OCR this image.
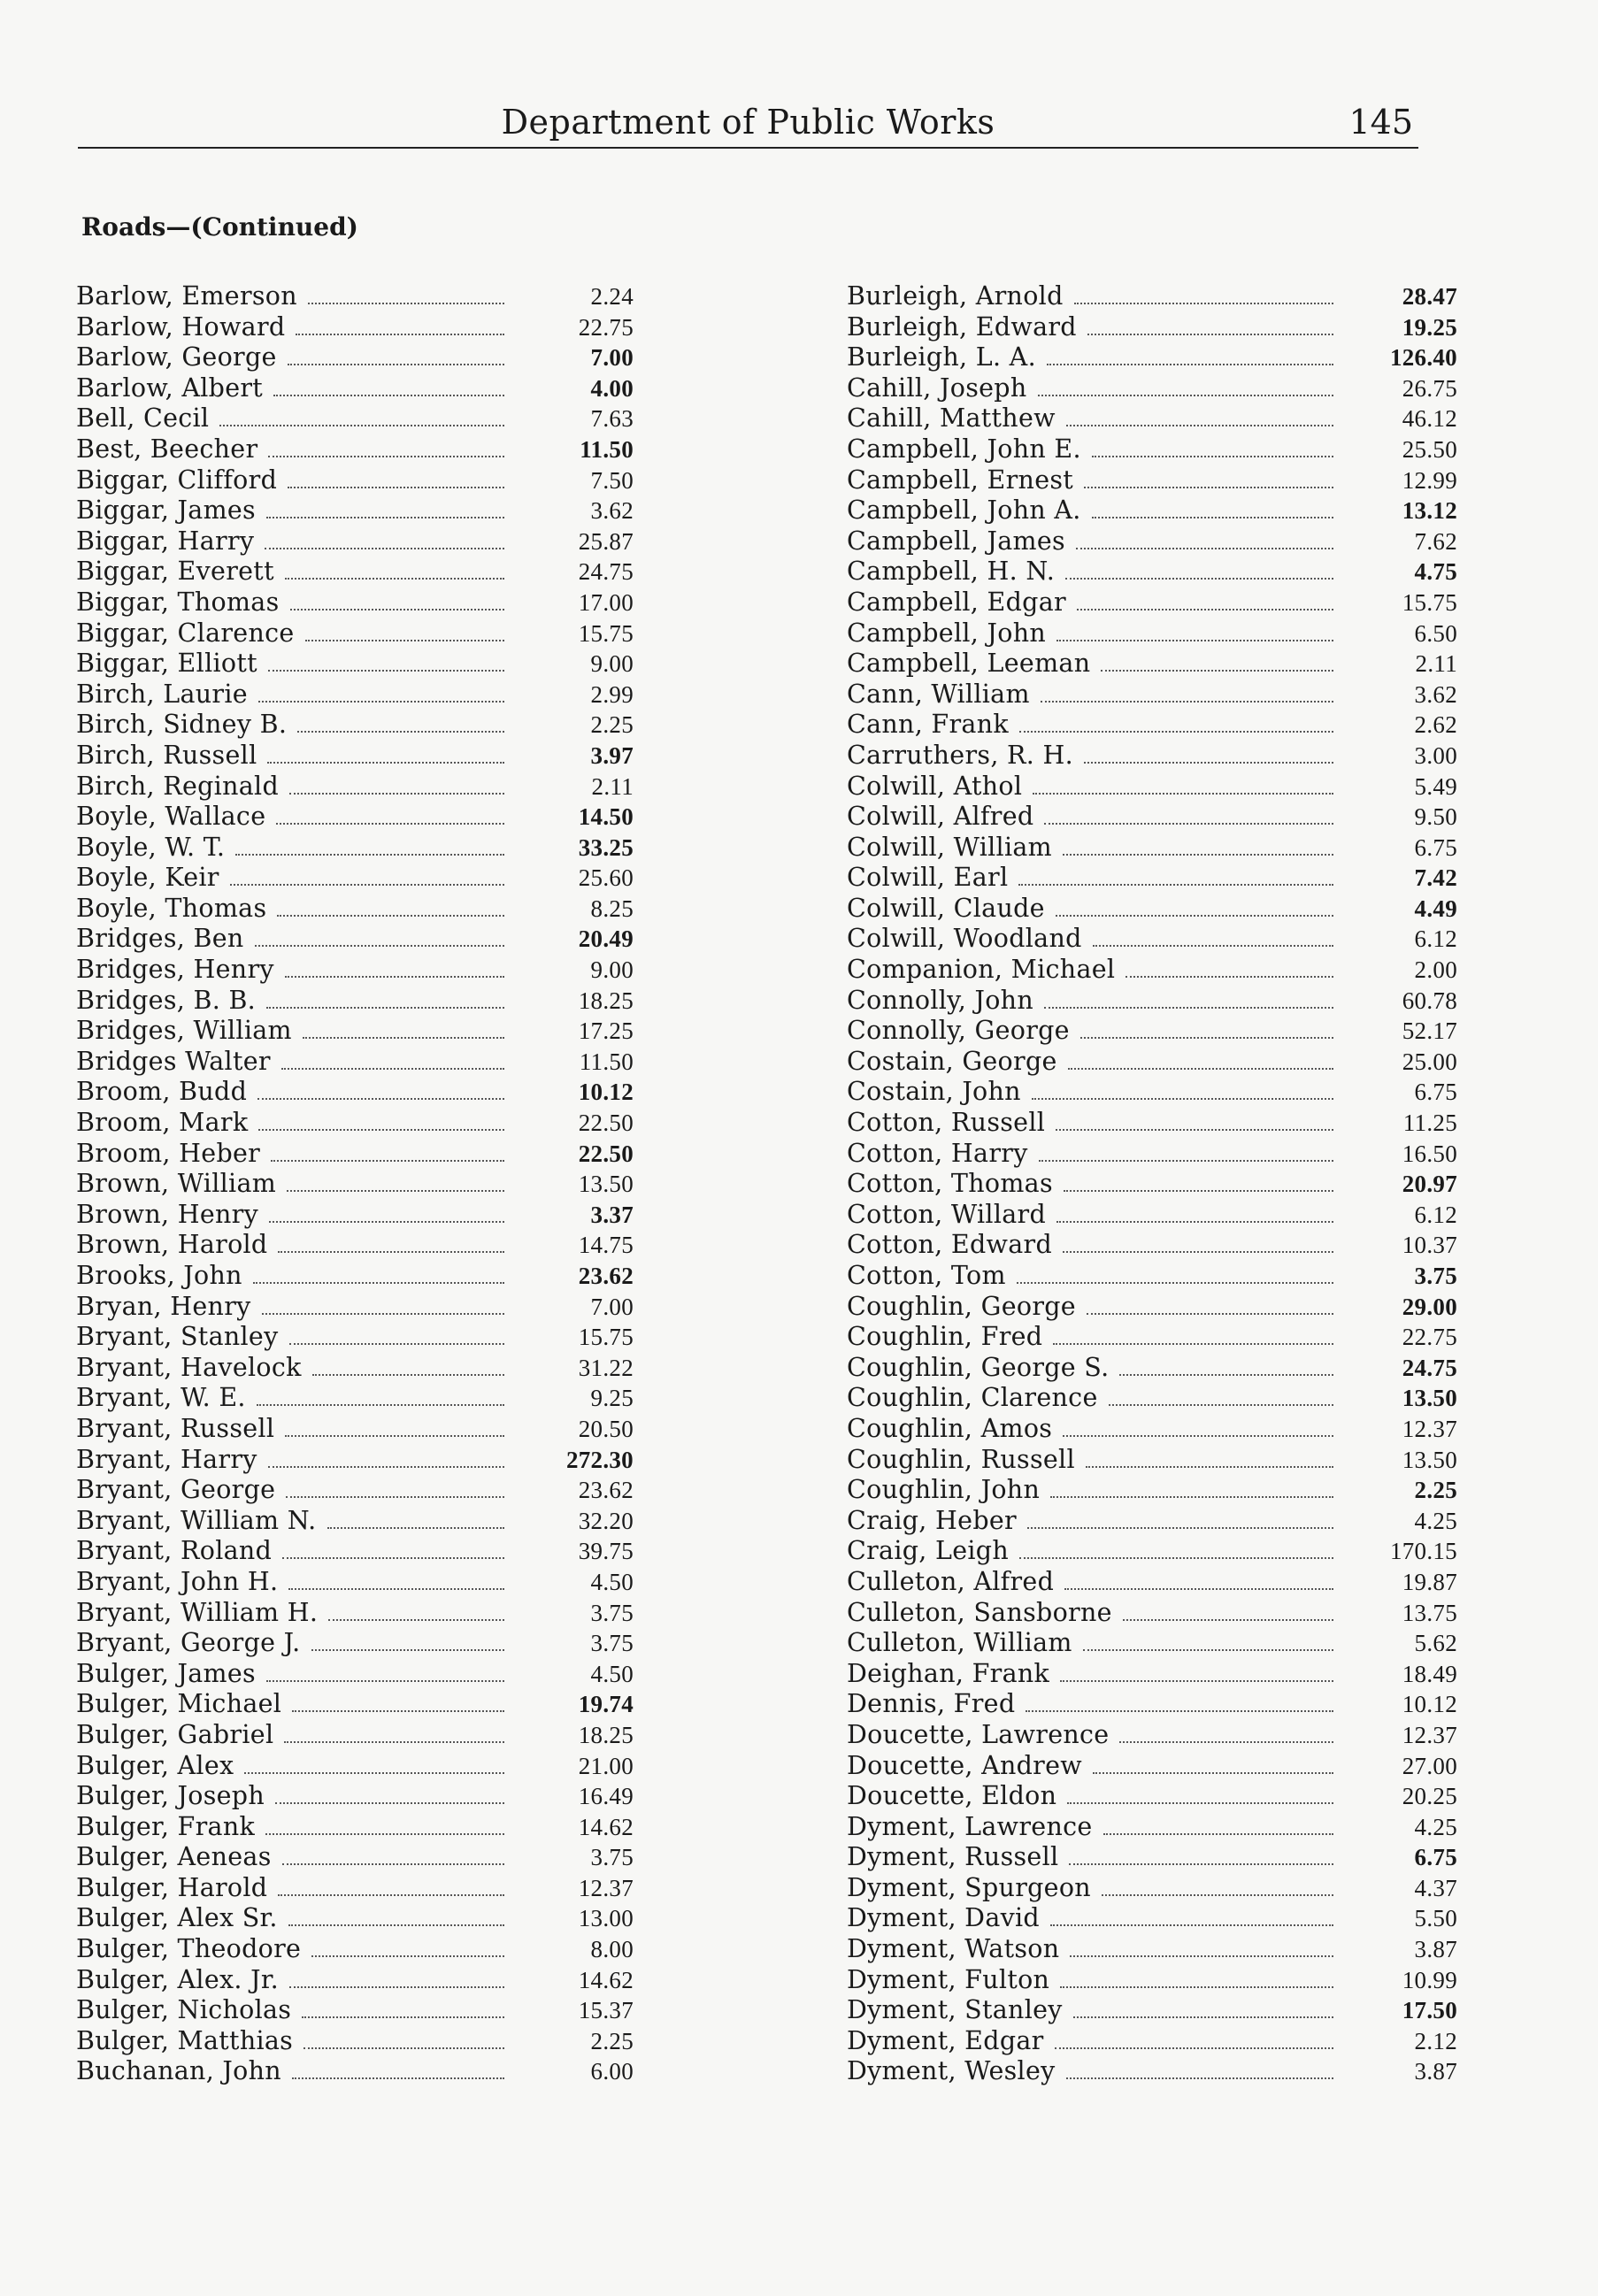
Department of Public Works	145
Roads—(Continued)
Barlow, Emerson	2.24
Barlow, Howard	22.75
Barlow, George	7.00
Barlow, Albert	4.00
Bell, Cecil	7.63
Best, Beecher	11.50
Biggar, Clifford	7.50
Biggar, James	3.62
Biggar, Harry	25.87
Biggar, Everett	24.75
Biggar, Thomas	17.00
Biggar, Clarence	15.75
Biggar, Elliott	9.00
Birch, Laurie	2.99
Birch, Sidney B.	2.25
Birch, Russell	3.97
Birch, Reginald	2.11
Boyle, Wallace	14.50
Boyle, W. T.	33.25
Boyle, Keir	25.60
Boyle, Thomas	8.25
Bridges, Ben	20.49
Bridges, Henry	9.00
Bridges, B. B.	18.25
Bridges, William	17.25
Bridges Walter	11.50
Broom, Budd	10.12
Broom, Mark	22.50
Broom, Heber	22.50
Brown, William	13.50
Brown, Henry	3.37
Brown, Harold	14.75
Brooks, John	23.62
Bryan, Henry	7.00
Bryant, Stanley	15.75
Bryant, Havelock	31.22
Bryant, W. E.	9.25
Bryant, Russell	20.50
Bryant, Harry	272.30
Bryant, George	23.62
Bryant, William N.	32.20
Bryant, Roland	39.75
Bryant, John H.	4.50
Bryant, William H.	3.75
Bryant, George J.	3.75
Bulger, James	4.50
Bulger, Michael	19.74
Bulger, Gabriel	18.25
Bulger, Alex	21.00
Bulger, Joseph	16.49
Bulger, Frank	14.62
Bulger, Aeneas	3.75
Bulger, Harold	12.37
Bulger, Alex Sr.	13.00
Bulger, Theodore	8.00
Bulger, Alex. Jr.	14.62
Bulger, Nicholas	15.37
Bulger, Matthias	2.25
Buchanan, John	6.00
Burleigh, Arnold	28.47
Burleigh, Edward	19.25
Burleigh, L. A.	126.40
Cahill, Joseph	26.75
Cahill, Matthew	46.12
Campbell, John E.	25.50
Campbell, Ernest	12.99
Campbell, John A.	13.12
Campbell, James	7.62
Campbell, H. N.	4.75
Campbell, Edgar	15.75
Campbell, John	6.50
Campbell, Leeman	2.11
Cann, William	3.62
Cann, Frank	2.62
Carruthers, R. H.	3.00
Colwill, Athol	5.49
Colwill, Alfred	9.50
Colwill, William	6.75
Colwill, Earl	7.42
Colwill, Claude	4.49
Colwill, Woodland	6.12
Companion, Michael	2.00
Connolly, John	60.78
Connolly, George	52.17
Costain, George	25.00
Costain, John	6.75
Cotton, Russell	11.25
Cotton, Harry	16.50
Cotton, Thomas	20.97
Cotton, Willard	6.12
Cotton, Edward	10.37
Cotton, Tom	3.75
Coughlin, George	29.00
Coughlin, Fred	22.75
Coughlin, George S.	24.75
Coughlin, Clarence	13.50
Coughlin, Amos	12.37
Coughlin, Russell	13.50
Coughlin, John	2.25
Craig, Heber	4.25
Craig, Leigh	170.15
Culleton, Alfred	19.87
Culleton, Sansborne	13.75
Culleton, William	5.62
Deighan, Frank	18.49
Dennis, Fred	10.12
Doucette, Lawrence	12.37
Doucette, Andrew	27.00
Doucette, Eldon	20.25
Dyment, Lawrence	4.25
Dyment, Russell	6.75
Dyment, Spurgeon	4.37
Dyment, David	5.50
Dyment, Watson	3.87
Dyment, Fulton	10.99
Dyment, Stanley	17.50
Dyment, Edgar	2.12
Dyment, Wesley	3.87
